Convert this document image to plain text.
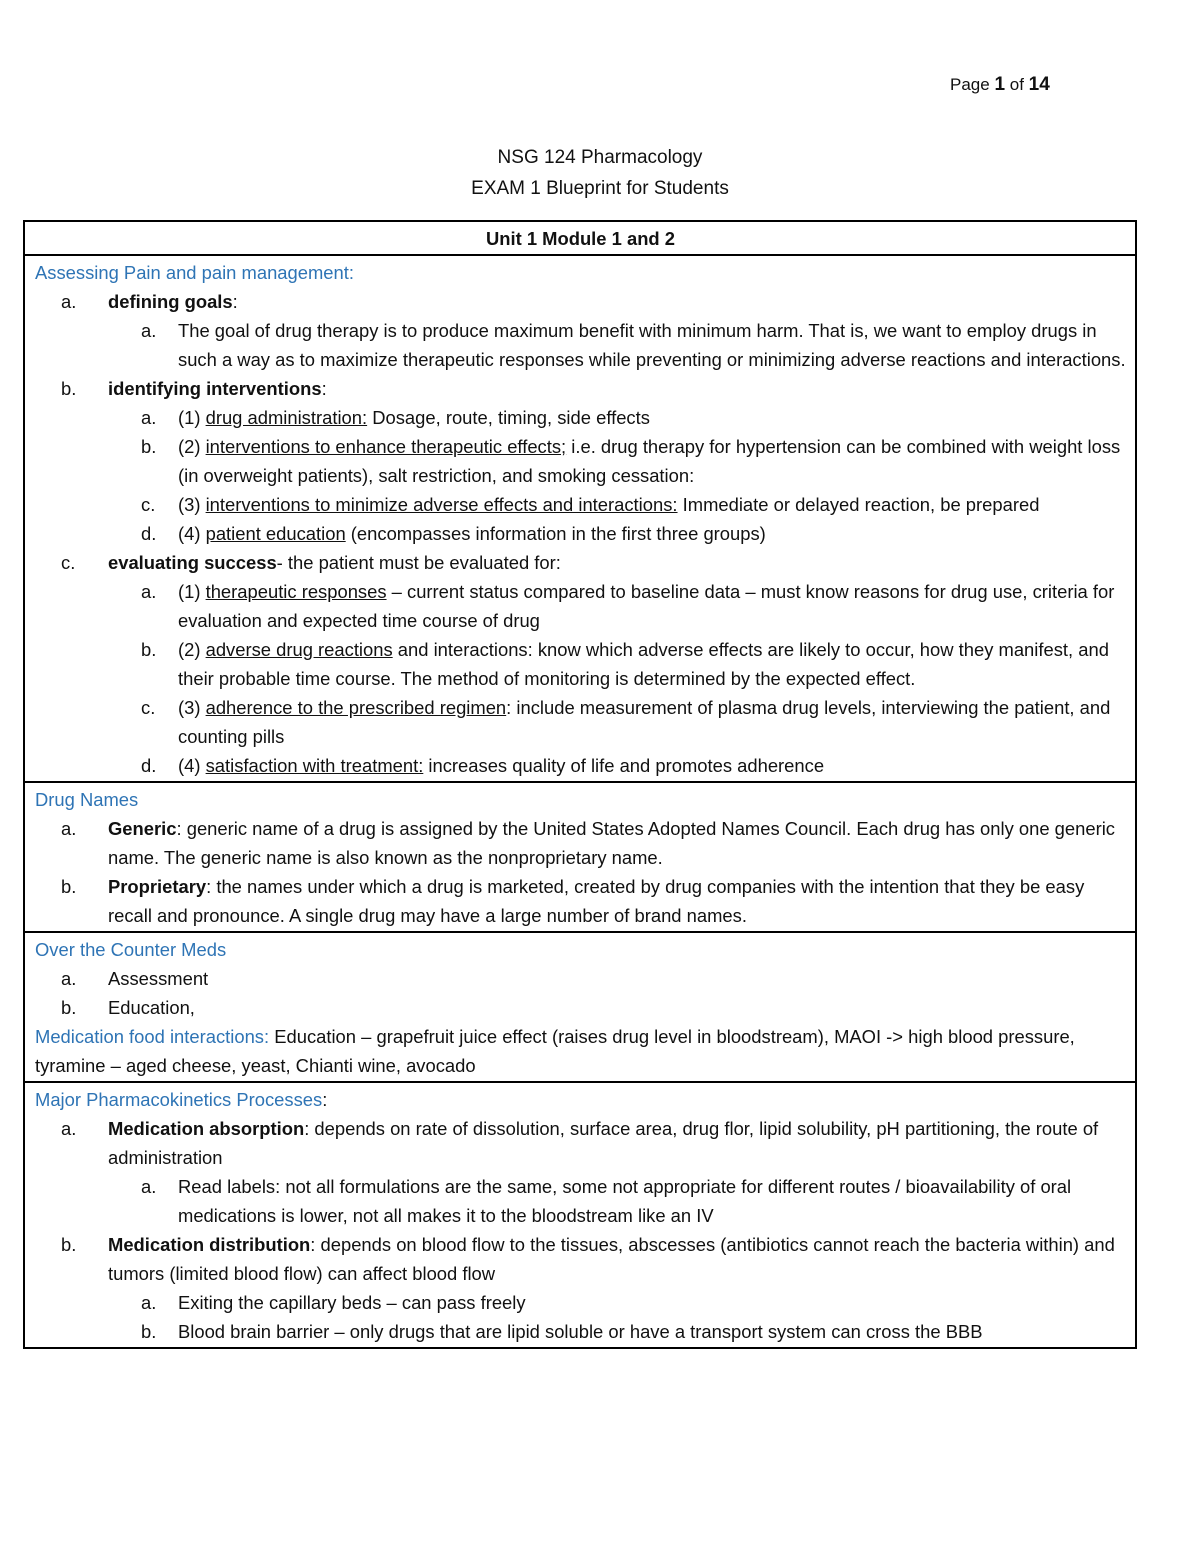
Page 1 of 14
NSG 124 Pharmacology
EXAM 1 Blueprint for Students
Unit 1 Module 1 and 2

Assessing Pain and pain management:
a.	defining goals:
a.	The goal of drug therapy is to produce maximum benefit with minimum harm. That is, we want to employ drugs in such a way as to maximize therapeutic responses while preventing or minimizing adverse reactions and interactions.
b.	identifying interventions:
a.	(1) drug administration: Dosage, route, timing, side effects
b.	(2) interventions to enhance therapeutic effects; i.e. drug therapy for hypertension can be combined with weight loss (in overweight patients), salt restriction, and smoking cessation:
c.	(3) interventions to minimize adverse effects and interactions: Immediate or delayed reaction, be prepared
d.	(4) patient education (encompasses information in the first three groups)
c.	evaluating success- the patient must be evaluated for:
a.	(1) therapeutic responses – current status compared to baseline data – must know reasons for drug use, criteria for evaluation and expected time course of drug
b.	(2) adverse drug reactions and interactions: know which adverse effects are likely to occur, how they manifest, and their probable time course. The method of monitoring is determined by the expected effect.
c.	(3) adherence to the prescribed regimen: include measurement of plasma drug levels, interviewing the patient, and counting pills
d.	(4) satisfaction with treatment: increases quality of life and promotes adherence

Drug Names
a.	Generic: generic name of a drug is assigned by the United States Adopted Names Council. Each drug has only one generic name. The generic name is also known as the nonproprietary name.
b.	Proprietary: the names under which a drug is marketed, created by drug companies with the intention that they be easy recall and pronounce. A single drug may have a large number of brand names.

Over the Counter Meds
a.	Assessment
b.	Education,
Medication food interactions: Education – grapefruit juice effect (raises drug level in bloodstream), MAOI -> high blood pressure, tyramine – aged cheese, yeast, Chianti wine, avocado

Major Pharmacokinetics Processes:
a.	Medication absorption: depends on rate of dissolution, surface area, drug flor, lipid solubility, pH partitioning, the route of administration
a.	Read labels: not all formulations are the same, some not appropriate for different routes / bioavailability of oral medications is lower, not all makes it to the bloodstream like an IV
b.	Medication distribution: depends on blood flow to the tissues, abscesses (antibiotics cannot reach the bacteria within) and tumors (limited blood flow) can affect blood flow
a.	Exiting the capillary beds – can pass freely
b.	Blood brain barrier – only drugs that are lipid soluble or have a transport system can cross the BBB
